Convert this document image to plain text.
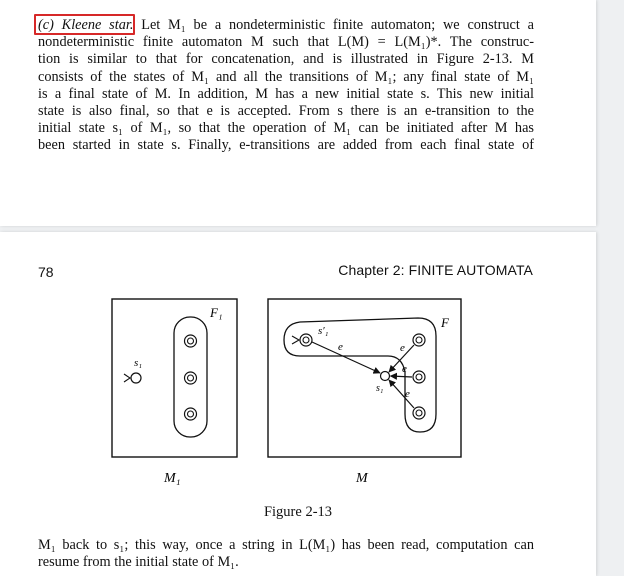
(c) Kleene star. Let M₁ be a nondeterministic finite automaton; we construct a
nondeterministic finite automaton M such that L(M) = L(M₁)*. The construc-
tion is similar to that for concatenation, and is illustrated in Figure 2-13. M
consists of the states of M₁ and all the transitions of M₁; any final state of M₁
is a final state of M. In addition, M has a new initial state s. This new initial
state is also final, so that e is accepted. From s there is an e-transition to the
initial state s₁ of M₁, so that the operation of M₁ can be initiated after M has
been started in state s. Finally, e-transitions are added from each final state of
78	Chapter 2: FINITE AUTOMATA
s₁
F₁
M₁
s′₁
s₁
e	e
e
e
F
M
Figure 2-13
M₁ back to s₁; this way, once a string in L(M₁) has been read, computation can
resume from the initial state of M₁.
